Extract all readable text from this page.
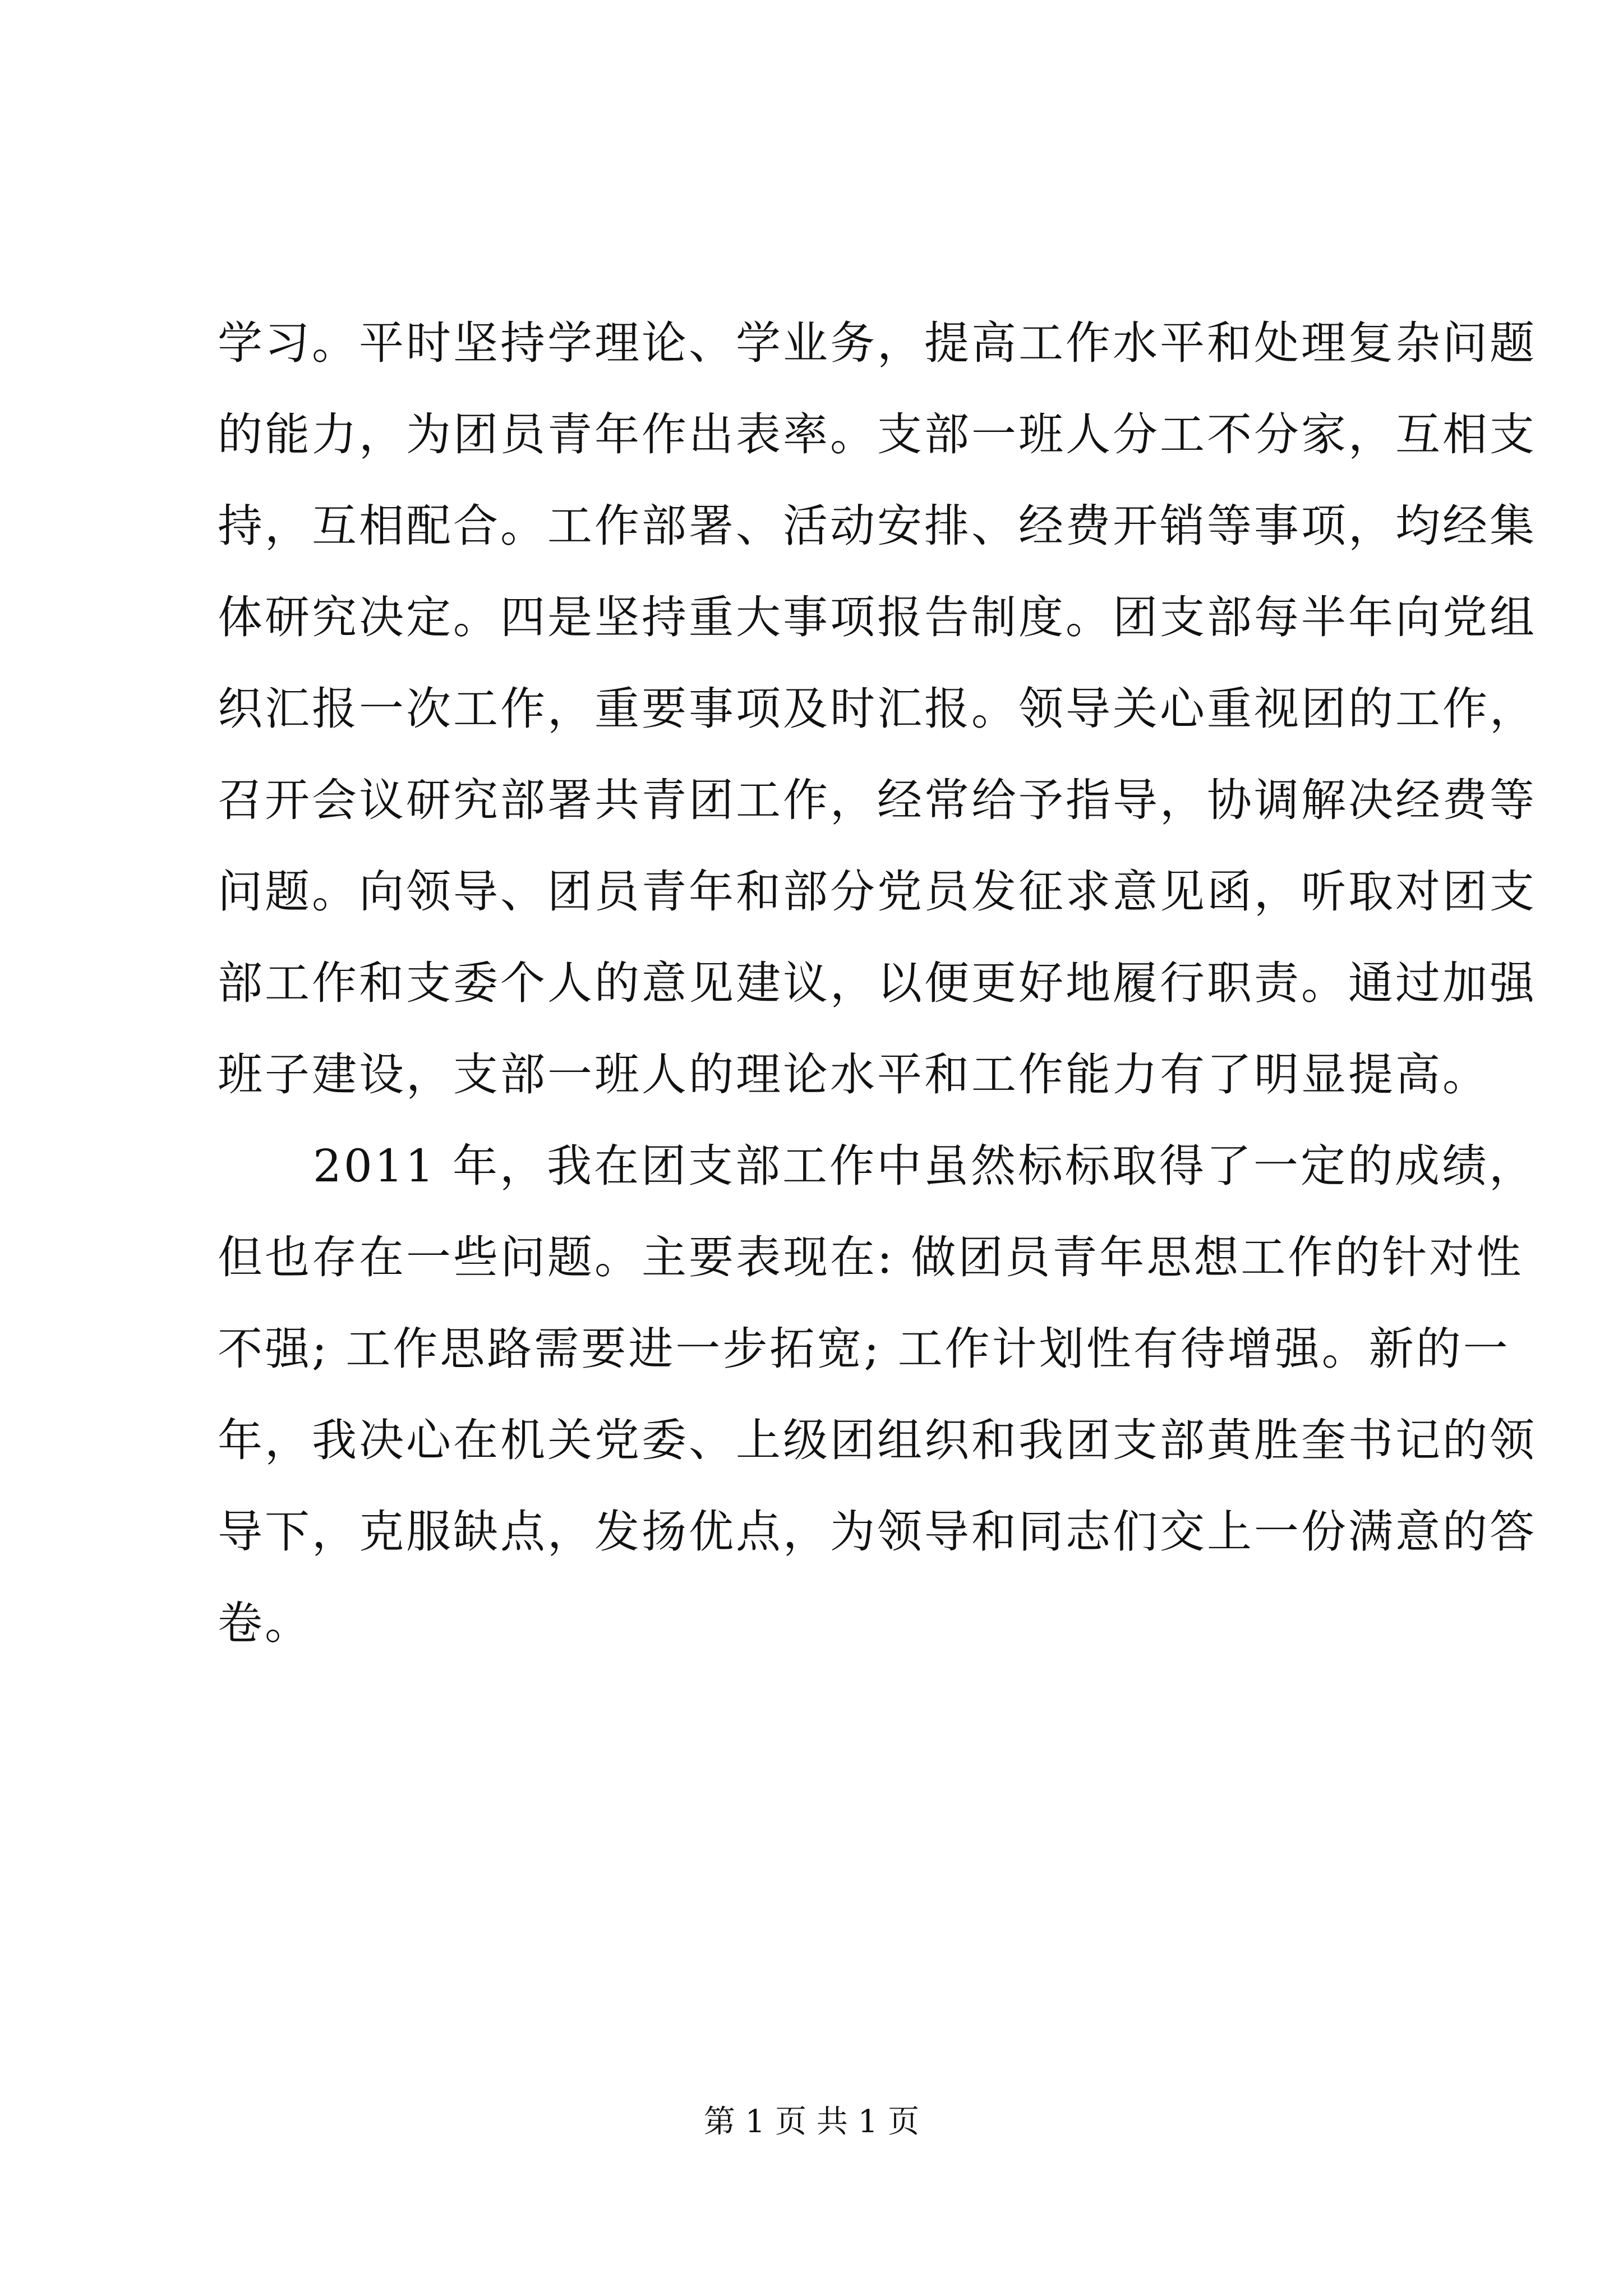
学习。平时坚持学理论、学业务，提高工作水平和处理复杂问题
的能力，为团员青年作出表率。支部一班人分工不分家，互相支
持，互相配合。工作部署、活动安排、经费开销等事项，均经集
体研究决定。四是坚持重大事项报告制度。团支部每半年向党组
织汇报一次工作，重要事项及时汇报。领导关心重视团的工作，
召开会议研究部署共青团工作，经常给予指导，协调解决经费等
问题。向领导、团员青年和部分党员发征求意见函，听取对团支
部工作和支委个人的意见建议，以便更好地履行职责。通过加强
班子建设，支部一班人的理论水平和工作能力有了明显提高。
2011 年，我在团支部工作中虽然标标取得了一定的成绩，
但也存在一些问题。主要表现在: 做团员青年思想工作的针对性
不强; 工作思路需要进一步拓宽; 工作计划性有待增强。新的一
年，我决心在机关党委、上级团组织和我团支部黄胜奎书记的领
导下，克服缺点，发扬优点，为领导和同志们交上一份满意的答
卷。
第 1 页 共 1 页
